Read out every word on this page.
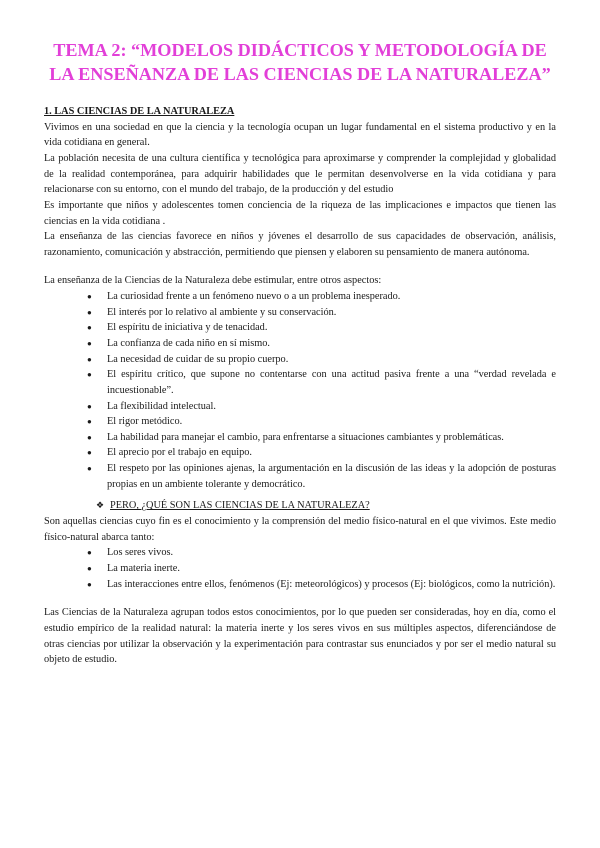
TEMA 2: “MODELOS DIDÁCTICOS Y METODOLOGÍA DE
LA ENSEÑANZA DE LAS CIENCIAS DE LA NATURALEZA”
1. LAS CIENCIAS DE LA NATURALEZA

Vivimos en una sociedad en que la ciencia y la tecnología ocupan un lugar fundamental en el sistema productivo y en la vida cotidiana en general.

La población necesita de una cultura científica y tecnológica para aproximarse y comprender la complejidad y globalidad de la realidad contemporánea, para adquirir habilidades que le permitan desenvolverse en la vida cotidiana y para relacionarse con su entorno, con el mundo del trabajo, de la producción y del estudio

Es importante que niños y adolescentes tomen conciencia de la riqueza de las implicaciones e impactos que tienen las ciencias en la vida cotidiana .

La enseñanza de las ciencias favorece en niños y jóvenes el desarrollo de sus capacidades de observación, análisis, razonamiento, comunicación y abstracción, permitiendo que piensen y elaboren su pensamiento de manera autónoma.

La enseñanza de la Ciencias de la Naturaleza debe estimular, entre otros aspectos:

● La curiosidad frente a un fenómeno nuevo o a un problema inesperado.
● El interés por lo relativo al ambiente y su conservación.
● El espíritu de iniciativa y de tenacidad.
● La confianza de cada niño en sí mismo.
● La necesidad de cuidar de su propio cuerpo.
● El espíritu crítico, que supone no contentarse con una actitud pasiva frente a una “verdad revelada e incuestionable”.
● La flexibilidad intelectual.
● El rigor metódico.
● La habilidad para manejar el cambio, para enfrentarse a situaciones cambiantes y problemáticas.
● El aprecio por el trabajo en equipo.
● El respeto por las opiniones ajenas, la argumentación en la discusión de las ideas y la adopción de posturas propias en un ambiente tolerante y democrático.
❖ PERO, ¿QUÉ SON LAS CIENCIAS DE LA NATURALEZA?

Son aquellas ciencias cuyo fin es el conocimiento y la comprensión del medio físico-natural en el que vivimos. Este medio físico-natural abarca tanto:

● Los seres vivos.
● La materia inerte.
● Las interacciones entre ellos, fenómenos (Ej: meteorológicos) y procesos (Ej: biológicos, como la nutrición).

Las Ciencias de la Naturaleza agrupan todos estos conocimientos, por lo que pueden ser consideradas, hoy en día, como el estudio empírico de la realidad natural: la materia inerte y los seres vivos en sus múltiples aspectos, diferenciándose de otras ciencias por utilizar la observación y la experimentación para contrastar sus enunciados y por ser el medio natural su objeto de estudio.
